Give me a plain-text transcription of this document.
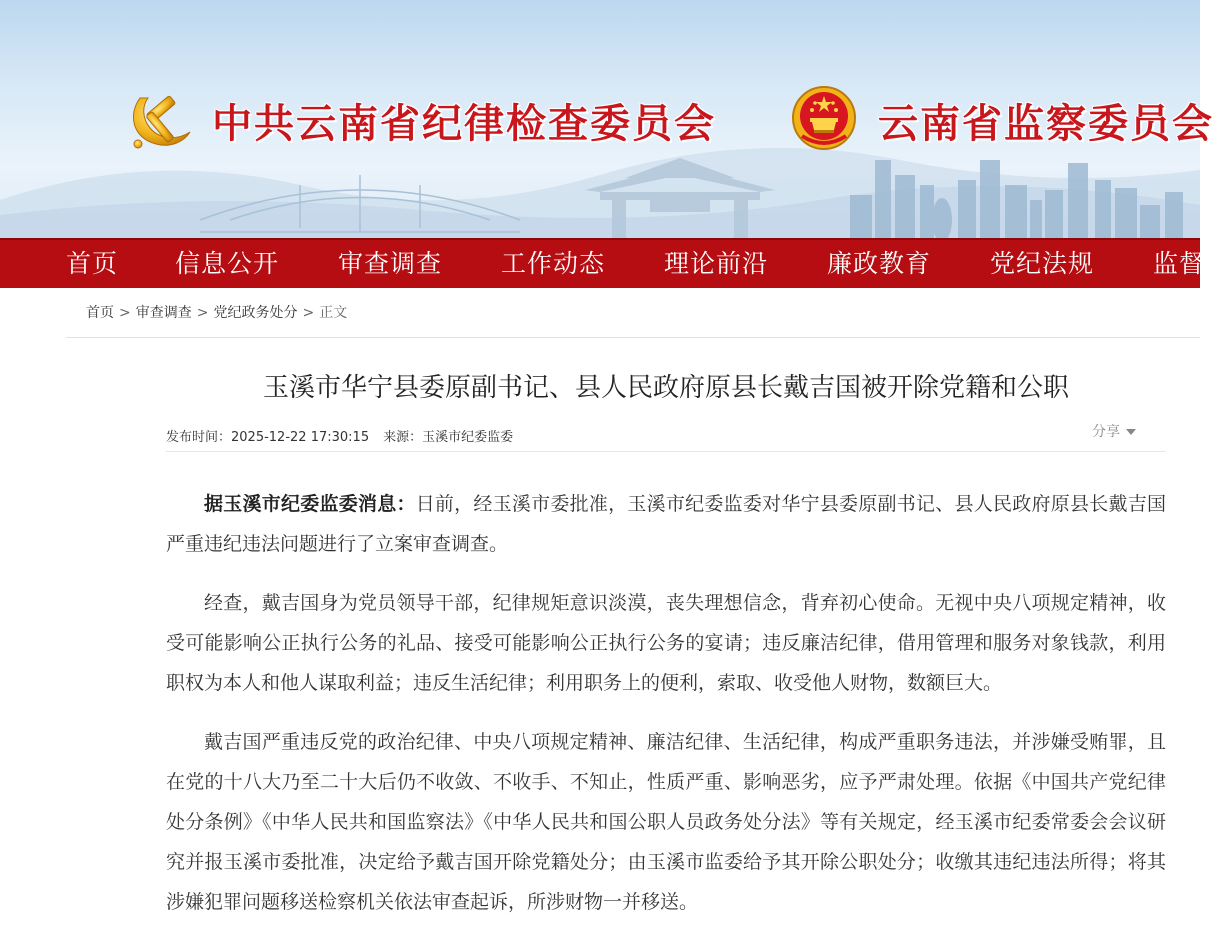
中共云南省纪律检查委员会	云南省监察委员会
首页 信息公开 审查调查 工作动态 理论前沿 廉政教育 党纪法规 监督
首页 > 审查调查 > 党纪政务处分 > 正文
玉溪市华宁县委原副书记、县人民政府原县长戴吉国被开除党籍和公职
发布时间：2025-12-22 17:30:15 来源：玉溪市纪委监委	分享

据玉溪市纪委监委消息：日前，经玉溪市委批准，玉溪市纪委监委对华宁县委原副书记、县人民政府原县长戴吉国严重违纪违法问题进行了立案审查调查。

经查，戴吉国身为党员领导干部，纪律规矩意识淡漠，丧失理想信念，背弃初心使命。无视中央八项规定精神，收受可能影响公正执行公务的礼品、接受可能影响公正执行公务的宴请；违反廉洁纪律，借用管理和服务对象钱款，利用职权为本人和他人谋取利益；违反生活纪律；利用职务上的便利，索取、收受他人财物，数额巨大。

戴吉国严重违反党的政治纪律、中央八项规定精神、廉洁纪律、生活纪律，构成严重职务违法，并涉嫌受贿罪，且在党的十八大乃至二十大后仍不收敛、不收手、不知止，性质严重、影响恶劣，应予严肃处理。依据《中国共产党纪律处分条例》《中华人民共和国监察法》《中华人民共和国公职人员政务处分法》等有关规定，经玉溪市纪委常委会会议研究并报玉溪市委批准，决定给予戴吉国开除党籍处分；由玉溪市监委给予其开除公职处分；收缴其违纪违法所得；将其涉嫌犯罪问题移送检察机关依法审查起诉，所涉财物一并移送。
